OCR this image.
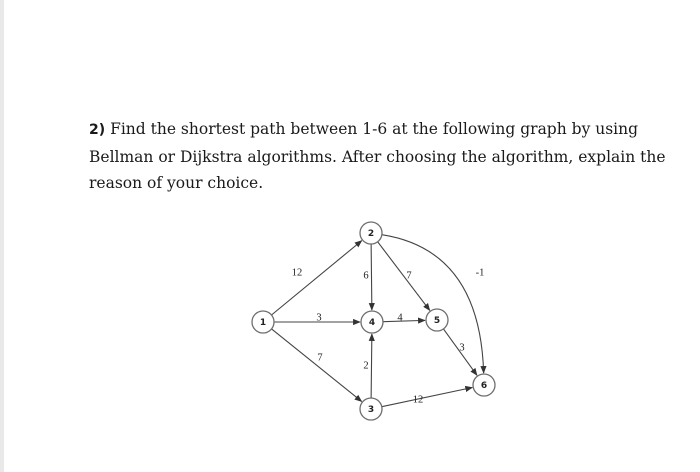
2) Find the shortest path between 1-6 at the following graph by using Bellman or Dijkstra algorithms. After choosing the algorithm, explain the reason of your choice.
12
3
7
6	7	-1
2
4
3
12
1
2
3
4	5
6
